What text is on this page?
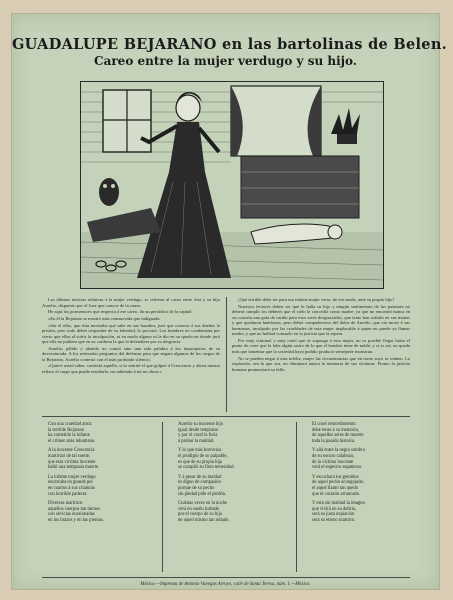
GUADALUPE BEJARANO en las bartolinas de Belen.
Careo entre la mujer verdugo y su hijo.

Las últimas noticias relativas á la mujer verdugo, se refieren al careo entre ésta y su hijo Aurelio, dispuesto por el Juez que conoce de la causa.

He aquí los pormenores que respecto á ese careo, da un periódico de la capital:

«En él la Bejarano se mostró más commovida que indignada.

«Sin el ódio, que ésta mostraba que sabe en sus hazaños, juró que conocía á sus dueños la prisión, pero todo debió responder de su falsedad, lo procuró. Los hombres no condenarán por cierto que ellas al sufrir la inculpación, ni en modo alguno ni la dio en su quedo en donde juró que ella no pudiera que en su cariñosa la que la defendiera por su desgracia.

Aurelio, pálido y abatido no comió sino una sola palabra á los improperios de su desventurada. A los reiterados preguntos del defensor para que negara algunos de los cargos de la Bejarano, Aurelio contestó con el más profundo silencio.

«Quiere usted saber, contestó aquella, si lo sentiré el que golpeó á Crescencia y ahora mismo refiero el cargo que puede resultarle, no sabiendo á mí no obras.»

¡Qué terrible debe ser para esa infame mujer verse, de ese modo, ante su propio hijo!

Nuestros lectores deben ser que le halla su hijo y ningún sentimiento de las pasiones no deberá cumplir los deberes que el cielo le concedió como madre; ya que no encontró nunca en su corazón una gota de cariño para esos seres desgraciados, que tanto han sufrido en sus manos y que quedaron huérfanos, pero debió compadecerse del dolor de Aurelio, que vio morir á sus hermanas, inculpado por las crueldades de esta mujer implacable á quien no puede ya llamar madre, y que no hallará consuelo en la justicia que la espera.

Por muy criminal y muy cruel que se suponga á esta mujer, no es posible llegar hasta el punto de creer que la falte algún rastro de lo que el hombre tiene de noble; y si es así, no queda más que lamentar que la sociedad haya podido producir semejante monstruo.

No se pueden negar á esta infeliz, mujer las circunstancias que en torno suyo se reúnen. La expiación, sea la que sea, no eliminará nunca la memoria de sus víctimas. Pronto la justicia humana pronunciará su fallo.

Con una crueldad atroz
la terrible Bejarano
ha cometido la infame
el crimen más inhumano.
A la inocente Crescencia
martirizó de tal suerte,
que esta víctima inocente
halló una temprana muerte.
La infame mujer verdugo
encerraba en grande pie
en cuartos á sus criaturas
con horrible padecer.
Diversas martirios
aquellos cuerpos tan tiernos
con sevicias ocasionadas
en los brazos y en las piernas.
Aurelio su inocente hijo
igual desde temprano
y por el cruel la furia
á probar la maldad.
Y lo que más horroriza
el prodigio de su palpable,
es que de su propia hija
se cumplió su fiera temeridad.
Y á pesar de su maldad
es digno de compasión
porque de su pecho
sin piedad pide el perdón.
Cuántas veces en la noche
verá en sueño turbado
por el cuerpo de su hija
de aquel mismo tan odiado.
El cruel remordimiento
debe tener á su memoria,
de aquellos seres de muerte
toda la pasada historia.
Y allá entre la negra sombra
de su oscuro calabozo,
de la víctima inocente
verá el espectro espantoso.
Y escuchará los gemidos
de aquel pecho acongojado,
el aquel llanto tan quedo
que el corazón arrancado.
Y esta sin maldad la imagen
que vivirá en su delirio,
será su justa expiación
será su eterno martirio.
México.—Imprenta de Antonio Vanegas Arroyo, calle de Santa Teresa, núm. 1.—México.
